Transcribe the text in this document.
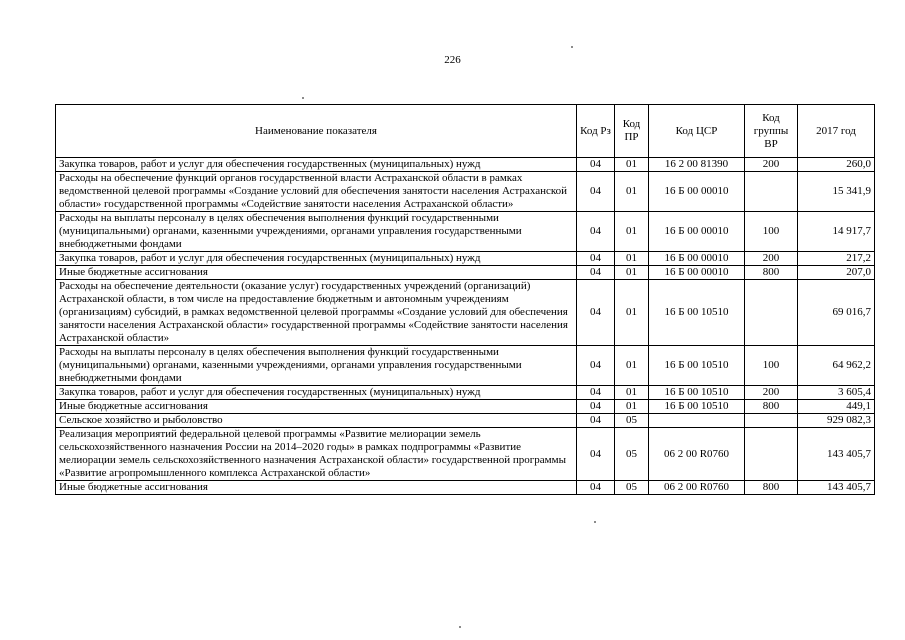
226
Наименование показателя	Код Рз	Код ПР	Код ЦСР	Код группы ВР	2017 год
Закупка товаров, работ и услуг для обеспечения государственных (муниципальных) нужд	04	01	16 2 00 81390	200	260,0
Расходы на обеспечение функций органов государственной власти Астраханской области в рамках ведомственной целевой программы «Создание условий для обеспечения занятости населения Астраханской области» государственной программы «Содействие занятости населения Астраханской области»	04	01	16 Б 00 00010		15 341,9
Расходы на выплаты персоналу в целях обеспечения выполнения функций государственными (муниципальными) органами, казенными учреждениями, органами управления государственными внебюджетными фондами	04	01	16 Б 00 00010	100	14 917,7
Закупка товаров, работ и услуг для обеспечения государственных (муниципальных) нужд	04	01	16 Б 00 00010	200	217,2
Иные бюджетные ассигнования	04	01	16 Б 00 00010	800	207,0
Расходы на обеспечение деятельности (оказание услуг) государственных учреждений (организаций) Астраханской области, в том числе на предоставление бюджетным и автономным учреждениям (организациям) субсидий, в рамках ведомственной целевой программы «Создание условий для обеспечения занятости населения Астраханской области» государственной программы «Содействие занятости населения Астраханской области»	04	01	16 Б 00 10510		69 016,7
Расходы на выплаты персоналу в целях обеспечения выполнения функций государственными (муниципальными) органами, казенными учреждениями, органами управления государственными внебюджетными фондами	04	01	16 Б 00 10510	100	64 962,2
Закупка товаров, работ и услуг для обеспечения государственных (муниципальных) нужд	04	01	16 Б 00 10510	200	3 605,4
Иные бюджетные ассигнования	04	01	16 Б 00 10510	800	449,1
Сельское хозяйство и рыболовство	04	05			929 082,3
Реализация мероприятий федеральной целевой программы «Развитие мелиорации земель сельскохозяйственного назначения России на 2014–2020 годы» в рамках подпрограммы «Развитие мелиорации земель сельскохозяйственного назначения Астраханской области» государственной программы «Развитие агропромышленного комплекса Астраханской области»	04	05	06 2 00 R0760		143 405,7
Иные бюджетные ассигнования	04	05	06 2 00 R0760	800	143 405,7
